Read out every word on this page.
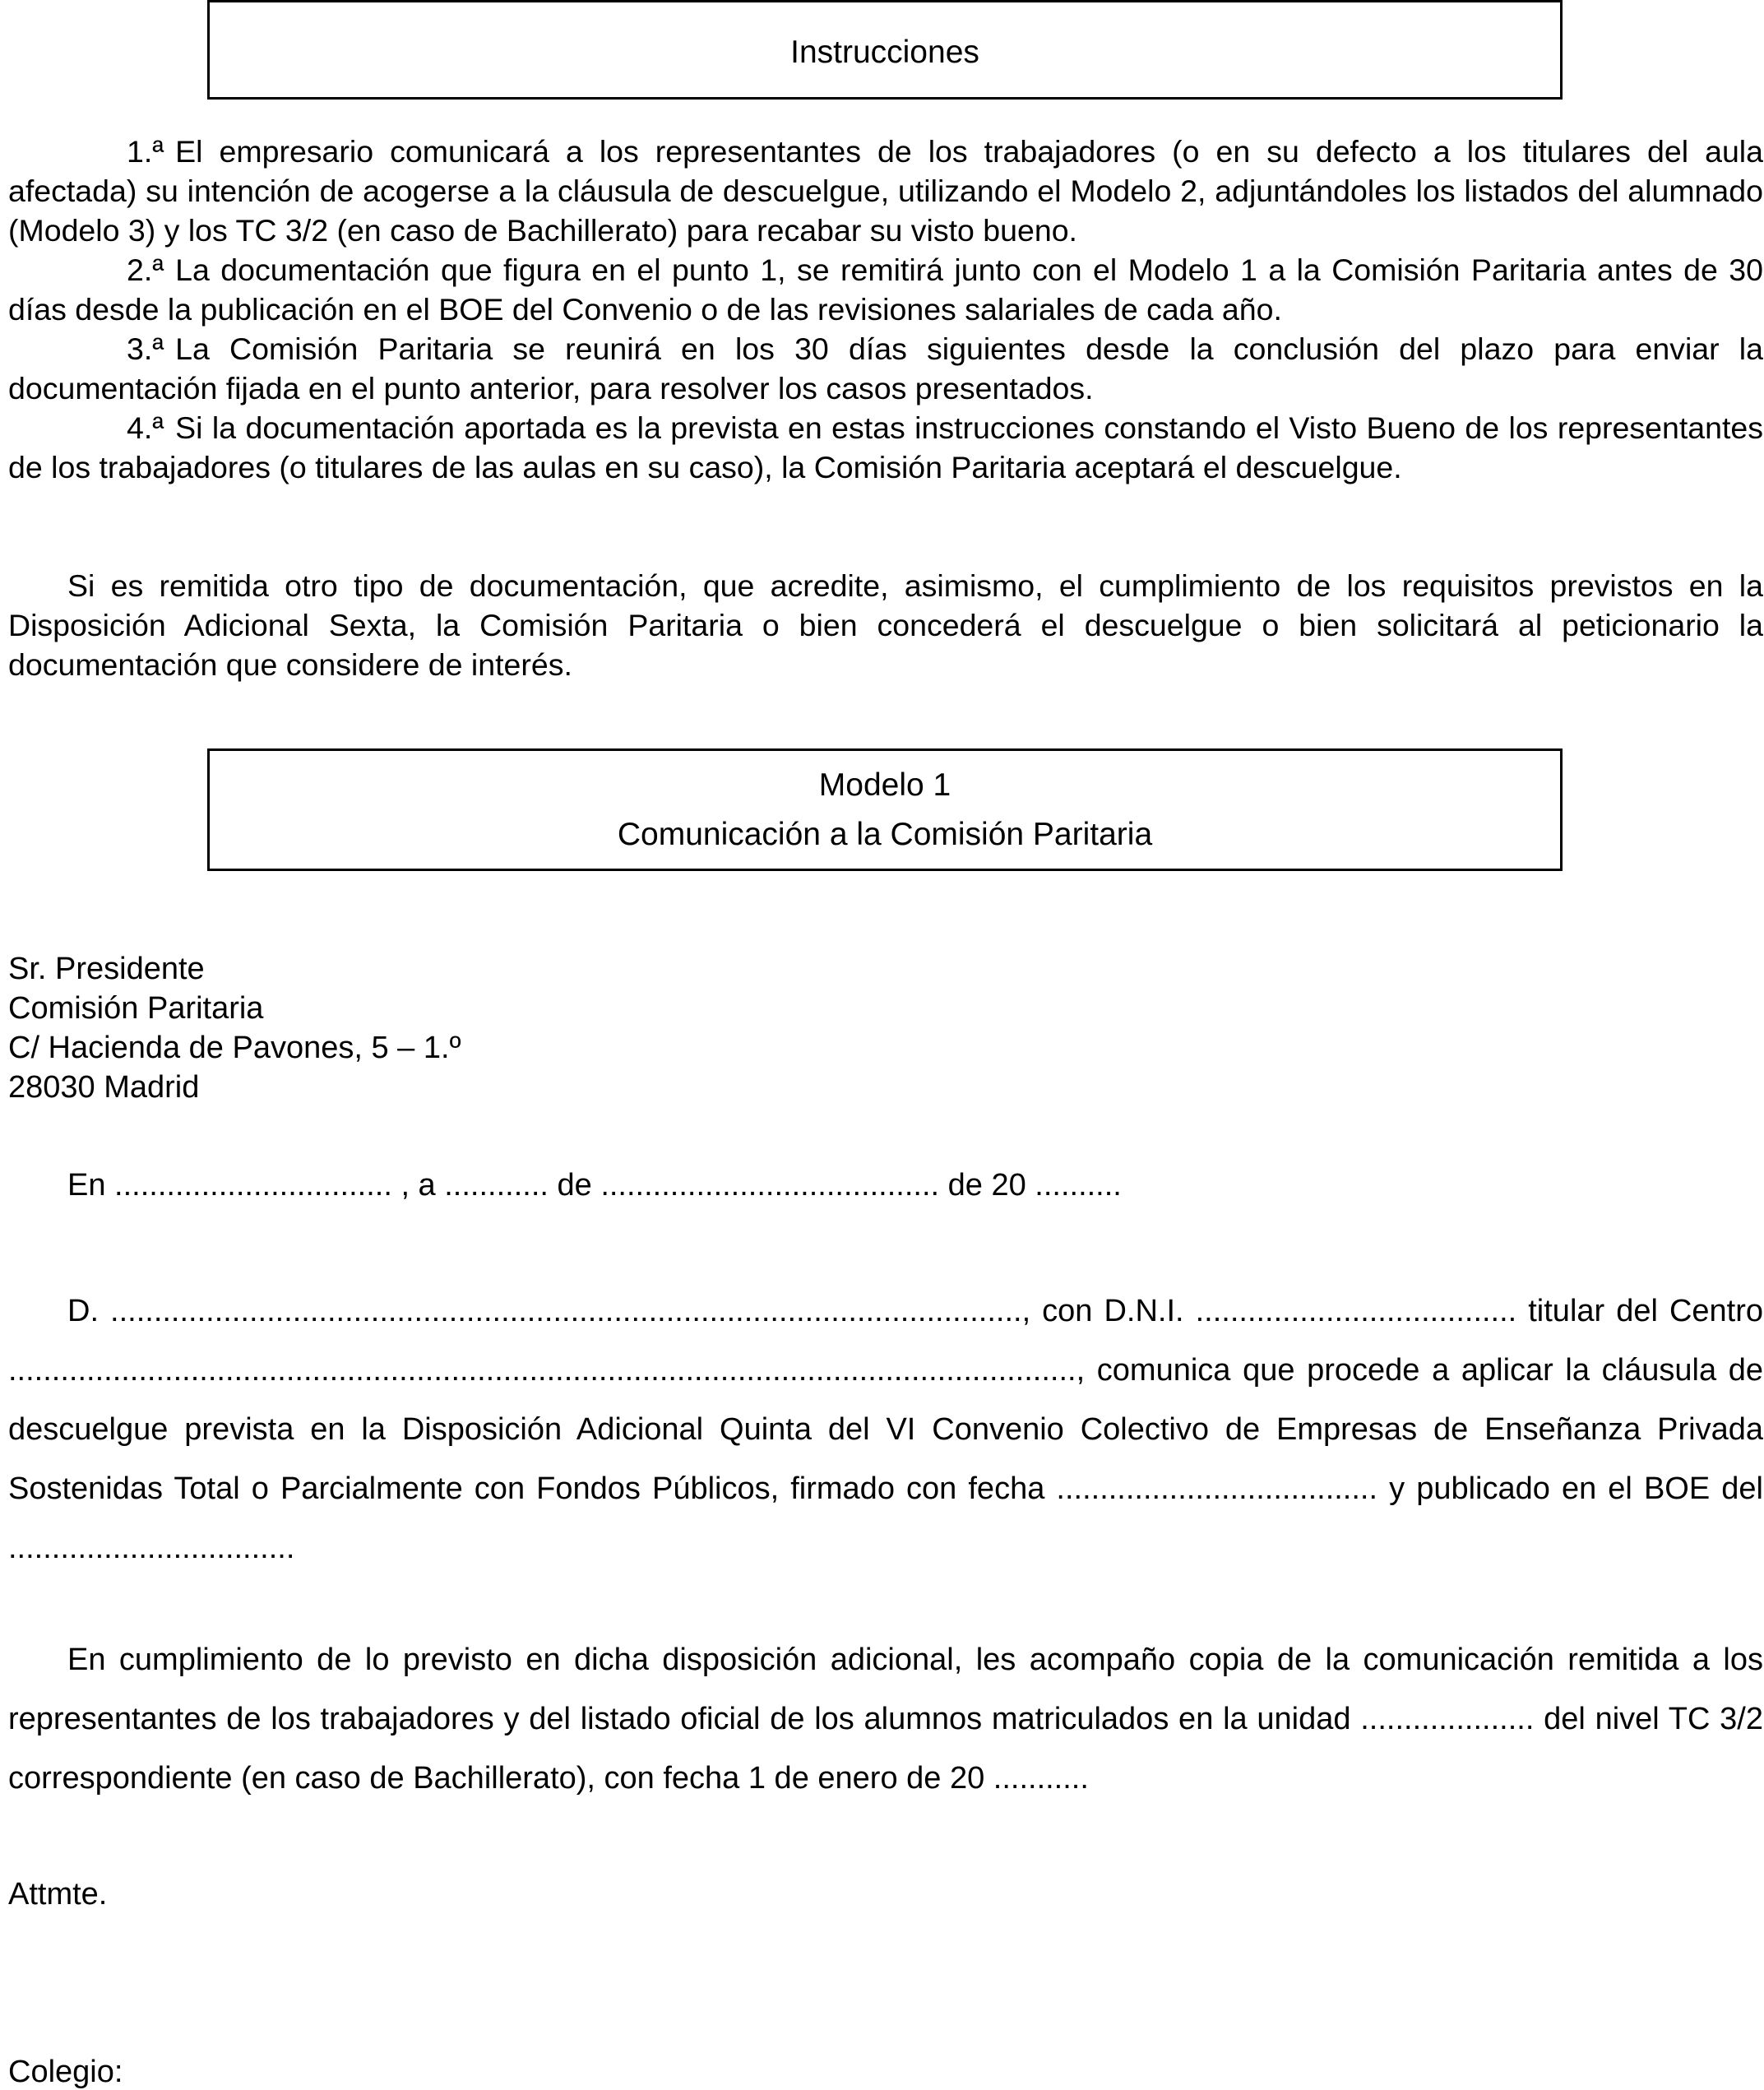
Instrucciones

1.ª El empresario comunicará a los representantes de los trabajadores (o en su defecto a los titulares del aula afectada) su intención de acogerse a la cláusula de descuelgue, utilizando el Modelo 2, adjuntándoles los listados del alumnado (Modelo 3) y los TC 3/2 (en caso de Bachillerato) para recabar su visto bueno.

2.ª La documentación que figura en el punto 1, se remitirá junto con el Modelo 1 a la Comisión Paritaria antes de 30 días desde la publicación en el BOE del Convenio o de las revisiones salariales de cada año.

3.ª La Comisión Paritaria se reunirá en los 30 días siguientes desde la conclusión del plazo para enviar la documentación fijada en el punto anterior, para resolver los casos presentados.

4.ª Si la documentación aportada es la prevista en estas instrucciones constando el Visto Bueno de los representantes de los trabajadores (o titulares de las aulas en su caso), la Comisión Paritaria aceptará el descuelgue.

Si es remitida otro tipo de documentación, que acredite, asimismo, el cumplimiento de los requisitos previstos en la Disposición Adicional Sexta, la Comisión Paritaria o bien concederá el descuelgue o bien solicitará al peticionario la documentación que considere de interés.

Modelo 1
Comunicación a la Comisión Paritaria
Sr. Presidente
Comisión Paritaria
C/ Hacienda de Pavones, 5 – 1.º
28030 Madrid
En ................................ , a ............ de ....................................... de 20 ..........

D. ........................................................................................................., con D.N.I. ..................................... titular del Centro ..........................................................................................................................., comunica que procede a aplicar la cláusula de descuelgue prevista en la Disposición Adicional Quinta del VI Convenio Colectivo de Empresas de Enseñanza Privada Sostenidas Total o Parcialmente con Fondos Públicos, firmado con fecha ..................................... y publicado en el BOE del .................................

En cumplimiento de lo previsto en dicha disposición adicional, les acompaño copia de la comunicación remitida a los representantes de los trabajadores y del listado oficial de los alumnos matriculados en la unidad .................... del nivel TC 3/2 correspondiente (en caso de Bachillerato), con fecha 1 de enero de 20 ...........

Attmte.
Colegio:
